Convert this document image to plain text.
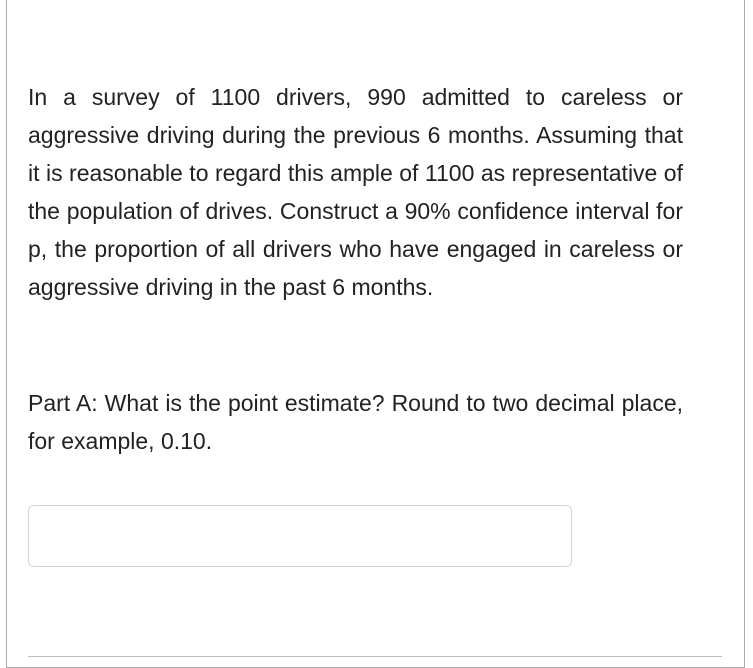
In a survey of 1100 drivers, 990 admitted to careless or aggressive driving during the previous 6 months. Assuming that it is reasonable to regard this ample of 1100 as representative of the population of drives. Construct a 90% confidence interval for p, the proportion of all drivers who have engaged in careless or aggressive driving in the past 6 months.

Part A: What is the point estimate? Round to two decimal place, for example, 0.10.
